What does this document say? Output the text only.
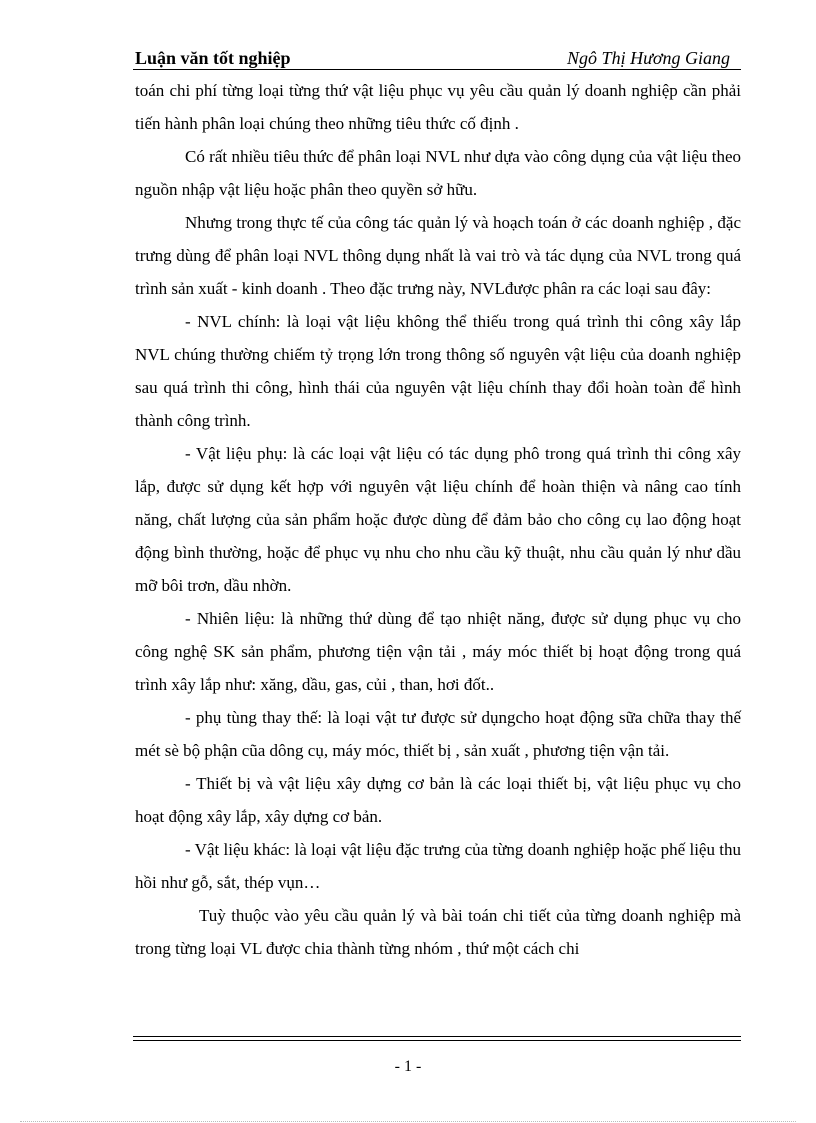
Luận văn tốt nghiệp	Ngô Thị Hương Giang

toán chi phí từng loại từng thứ vật liệu phục vụ yêu cầu quản lý doanh nghiệp cần phải tiến hành phân loại chúng theo những tiêu thức cố định .

Có rất nhiều tiêu thức để phân loại NVL như dựa vào công dụng của vật liệu theo nguồn nhập vật liệu hoặc phân theo quyền sở hữu.

Nhưng trong thực tế của công tác quản lý và hoạch toán ở các doanh nghiệp , đặc trưng dùng để phân loại NVL thông dụng nhất là vai trò và tác dụng của NVL trong quá trình sản xuất - kinh doanh . Theo đặc trưng này, NVLđược phân ra các loại sau đây:

- NVL chính: là loại vật liệu không thể thiếu trong quá trình thi công xây lắp NVL chúng thường chiếm tỷ trọng lớn trong thông số nguyên vật liệu của doanh nghiệp sau quá trình thi công, hình thái của nguyên vật liệu chính thay đổi hoàn toàn để hình thành công trình.

- Vật liệu phụ: là các loại vật liệu có tác dụng phô trong quá trình thi công xây lắp, được sử dụng kết hợp với nguyên vật liệu chính để hoàn thiện và nâng cao tính năng, chất lượng của sản phẩm hoặc được dùng để đảm bảo cho công cụ lao động hoạt động bình thường, hoặc để phục vụ nhu cho nhu cầu kỹ thuật, nhu cầu quản lý như dầu mỡ bôi trơn, dầu nhờn.

- Nhiên liệu: là những thứ dùng để tạo nhiệt năng, được sử dụng phục vụ cho công nghệ SK sản phẩm, phương tiện vận tải , máy móc thiết bị hoạt động trong quá trình xây lắp như: xăng, dầu, gas, củi , than, hơi đốt..

- phụ tùng thay thế: là loại vật tư được sử dụngcho hoạt động sữa chữa thay thế mét sè bộ phận cũa dông cụ, máy móc, thiết bị , sản xuất , phương tiện vận tải.

- Thiết bị và vật liệu xây dựng cơ bản là các loại thiết bị, vật liệu phục vụ cho hoạt động xây lắp, xây dựng cơ bản.

- Vật liệu khác: là loại vật liệu đặc trưng của từng doanh nghiệp hoặc phế liệu thu hồi như gỗ, sắt, thép vụn…

Tuỳ thuộc vào yêu cầu quản lý và bài toán chi tiết của từng doanh nghiệp mà trong từng loại VL được chia thành từng nhóm , thứ một cách chi

- 1 -
